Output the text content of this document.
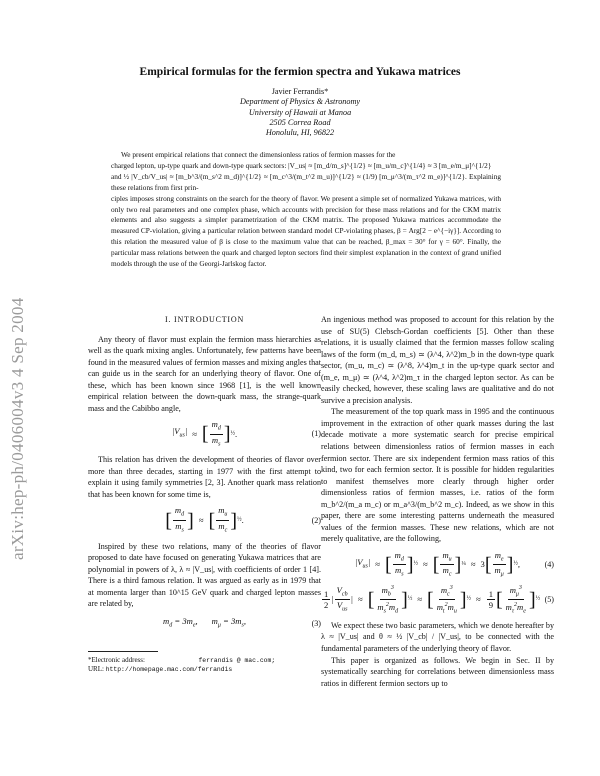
arXiv:hep-ph/0406004v3 4 Sep 2004
Empirical formulas for the fermion spectra and Yukawa matrices
Javier Ferrandis*
Department of Physics & Astronomy
University of Hawaii at Manoa
2505 Correa Road
Honolulu, HI, 96822

We present empirical relations that connect the dimensionless ratios of fermion masses for the

charged lepton, up-type quark and down-type quark sectors: |V_us| ≈ [m_d/m_s]^{1/2} ≈ [m_u/m_c]^{1/4} ≈ 3 [m_e/m_μ]^{1/2}

and ½ |V_cb/V_us| ≈ [m_b^3/(m_s^2 m_d)]^{1/2} ≈ [m_c^3/(m_t^2 m_u)]^{1/2} ≈ (1/9) [m_μ^3/(m_τ^2 m_e)]^{1/2}. Explaining these relations from first prin-

ciples imposes strong constraints on the search for the theory of flavor. We present a simple set of normalized Yukawa matrices, with only two real parameters and one complex phase, which accounts with precision for these mass relations and for the CKM matrix elements and also suggests a simpler parametrization of the CKM matrix. The proposed Yukawa matrices accommodate the measured CP-violation, giving a particular relation between standard model CP-violating phases, β = Arg[2 − e^{−iγ}]. According to this relation the measured value of β is close to the maximum value that can be reached, β_max = 30° for γ = 60°. Finally, the particular mass relations between the quark and charged lepton sectors find their simplest explanation in the context of grand unified models through the use of the Georgi-Jarlskog factor.

I. INTRODUCTION

Any theory of flavor must explain the fermion mass hierarchies as well as the quark mixing angles. Unfortunately, few patterns have been found in the measured values of fermion masses and mixing angles that can guide us in the search for an underlying theory of flavor. One of these, which has been known since 1968 [1], is the well known empirical relation between the down-quark mass, the strange-quark mass and the Cabibbo angle,

$|V_{us}|$ ≈ [ $\frac{m_d}{m_s}$ ] ½ .	(1)

This relation has driven the development of theories of flavor over more than three decades, starting in 1977 with the first attempt to explain it using family symmetries [2, 3]. Another quark mass relation that has been known for some time is,

[ $\frac{m_d}{m_s}$ ] ≈ [ $\frac{m_u}{m_c}$ ] ½ .	(2)

Inspired by these two relations, many of the theories of flavor proposed to date have focused on generating Yukawa matrices that are polynomial in powers of λ, λ ≈ |V_us|, with coefficients of order 1 [4]. There is a third famous relation. It was argued as early as in 1979 that at momenta larger than 10^15 GeV quark and charged lepton masses are related by,

$m_d = 3m_e$, $m_\mu = 3m_s$,	(3)
*Electronic address:	ferrandis @ mac.com;
URL: http://homepage.mac.com/ferrandis

An ingenious method was proposed to account for this relation by the use of SU(5) Clebsch-Gordan coefficients [5]. Other than these relations, it is usually claimed that the fermion masses follow scaling laws of the form (m_d, m_s) ≃ (λ^4, λ^2)m_b in the down-type quark sector, (m_u, m_c) ≃ (λ^8, λ^4)m_t in the up-type quark sector and (m_e, m_μ) ≃ (λ^4, λ^2)m_τ in the charged lepton sector. As can be easily checked, however, these scaling laws are qualitative and do not survive a precision analysis.

The measurement of the top quark mass in 1995 and the continuous improvement in the extraction of other quark masses during the last decade motivate a more systematic search for precise empirical relations between dimensionless ratios of fermion masses in each fermion sector. There are six independent fermion mass ratios of this kind, two for each fermion sector. It is possible for hidden regularities to manifest themselves more clearly through higher order dimensionless ratios of fermion masses, i.e. ratios of the form m_b^2/(m_a m_c) or m_a^3/(m_b^2 m_c). Indeed, as we show in this paper, there are some interesting patterns underneath the measured values of the fermion masses. These new relations, which are not merely qualitative, are the following,

$|V_{us}|$ ≈ [ $\frac{m_d}{m_s}$ ] ½ ≈ [ $\frac{m_u}{m_c}$ ] ¼ ≈ 3 [ $\frac{m_e}{m_\mu}$ ] ½ ,	(4)
$\frac{1}{2}$ | $\frac{V_{cb}}{V_{us}}$ | ≈ [ $\frac{m_b^3}{m_s^2m_d}$ ] ½ ≈ [ $\frac{m_c^3}{m_t^2m_u}$ ] ½ ≈ $\frac{1}{9}$ [ $\frac{m_\mu^3}{m_\tau^2m_e}$ ] ½ (5)

We expect these two basic parameters, which we denote hereafter by λ ≈ |V_us| and θ ≈ ½ |V_cb| / |V_us|, to be connected with the fundamental parameters of the underlying theory of flavor.

This paper is organized as follows. We begin in Sec. II by systematically searching for correlations between dimensionless mass ratios in different fermion sectors up to
